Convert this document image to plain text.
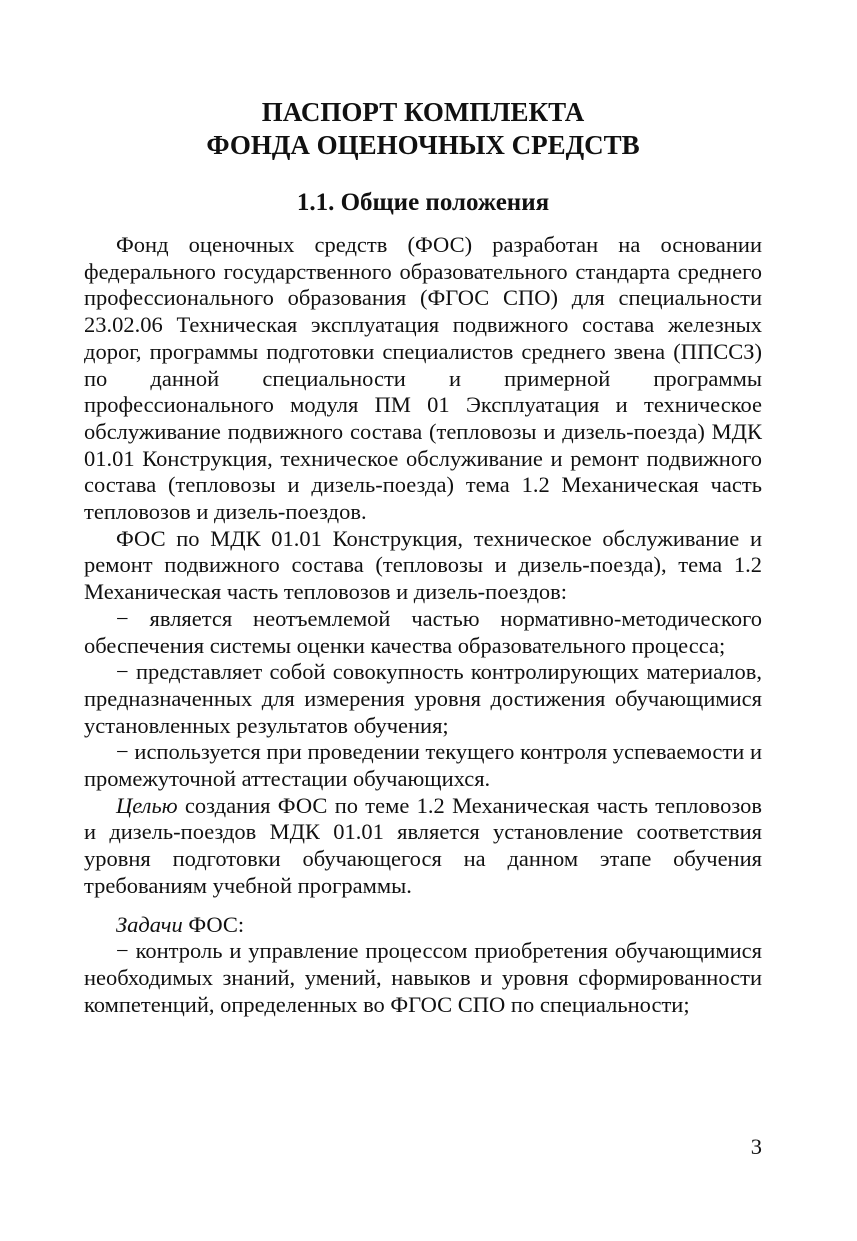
ПАСПОРТ КОМПЛЕКТА
ФОНДА ОЦЕНОЧНЫХ СРЕДСТВ
1.1. Общие положения

Фонд оценочных средств (ФОС) разработан на основании федерального государственного образовательного стандарта среднего профессионального образования (ФГОС СПО) для специальности 23.02.06 Техническая эксплуатация подвижного состава железных дорог, программы подготовки специалистов среднего звена (ППССЗ) по данной специальности и примерной программы профессионального модуля ПМ 01 Эксплуатация и техническое обслуживание подвижного состава (тепловозы и дизель-поезда) МДК 01.01 Конструкция, техническое обслуживание и ремонт подвижного состава (тепловозы и дизель-поезда) тема 1.2 Механическая часть тепловозов и дизель-поездов.

ФОС по МДК 01.01 Конструкция, техническое обслуживание и ремонт подвижного состава (тепловозы и дизель-поезда), тема 1.2 Механическая часть тепловозов и дизель-поездов:

− является неотъемлемой частью нормативно-методического обеспечения системы оценки качества образовательного процесса;

− представляет собой совокупность контролирующих материалов, предназначенных для измерения уровня достижения обучающимися установленных результатов обучения;

− используется при проведении текущего контроля успеваемости и промежуточной аттестации обучающихся.

Целью создания ФОС по теме 1.2 Механическая часть тепловозов и дизель-поездов МДК 01.01 является установление соответствия уровня подготовки обучающегося на данном этапе обучения требованиям учебной программы.

Задачи ФОС:

− контроль и управление процессом приобретения обучающимися необходимых знаний, умений, навыков и уровня сформированности компетенций, определенных во ФГОС СПО по специальности;

3
